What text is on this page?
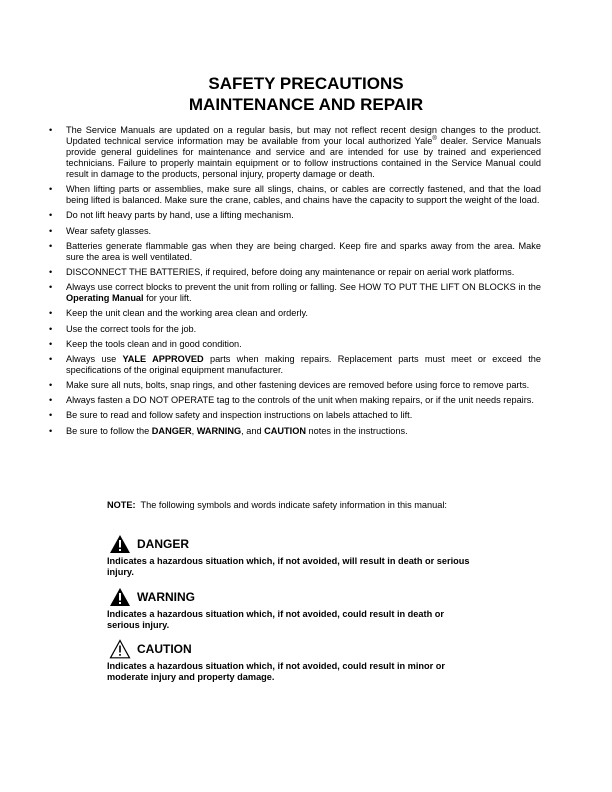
SAFETY PRECAUTIONS
MAINTENANCE AND REPAIR
• The Service Manuals are updated on a regular basis, but may not reflect recent design changes to the product. Updated technical service information may be available from your local authorized Yale® dealer. Service Manuals provide general guidelines for maintenance and service and are intended for use by trained and experienced technicians. Failure to properly maintain equipment or to follow instructions contained in the Service Manual could result in damage to the products, personal injury, property damage or death.
• When lifting parts or assemblies, make sure all slings, chains, or cables are correctly fastened, and that the load being lifted is balanced. Make sure the crane, cables, and chains have the capacity to support the weight of the load.
• Do not lift heavy parts by hand, use a lifting mechanism.
• Wear safety glasses.
• Batteries generate flammable gas when they are being charged. Keep fire and sparks away from the area. Make sure the area is well ventilated.
• DISCONNECT THE BATTERIES, if required, before doing any maintenance or repair on aerial work platforms.
• Always use correct blocks to prevent the unit from rolling or falling. See HOW TO PUT THE LIFT ON BLOCKS in the Operating Manual for your lift.
• Keep the unit clean and the working area clean and orderly.
• Use the correct tools for the job.
• Keep the tools clean and in good condition.
• Always use YALE APPROVED parts when making repairs. Replacement parts must meet or exceed the specifications of the original equipment manufacturer.
• Make sure all nuts, bolts, snap rings, and other fastening devices are removed before using force to remove parts.
• Always fasten a DO NOT OPERATE tag to the controls of the unit when making repairs, or if the unit needs repairs.
• Be sure to read and follow safety and inspection instructions on labels attached to lift.
• Be sure to follow the DANGER, WARNING, and CAUTION notes in the instructions.
NOTE:  The following symbols and words indicate safety information in this manual:
DANGER
Indicates a hazardous situation which, if not avoided, will result in death or serious injury.
WARNING
Indicates a hazardous situation which, if not avoided, could result in death or serious injury.
CAUTION
Indicates a hazardous situation which, if not avoided, could result in minor or moderate injury and property damage.
